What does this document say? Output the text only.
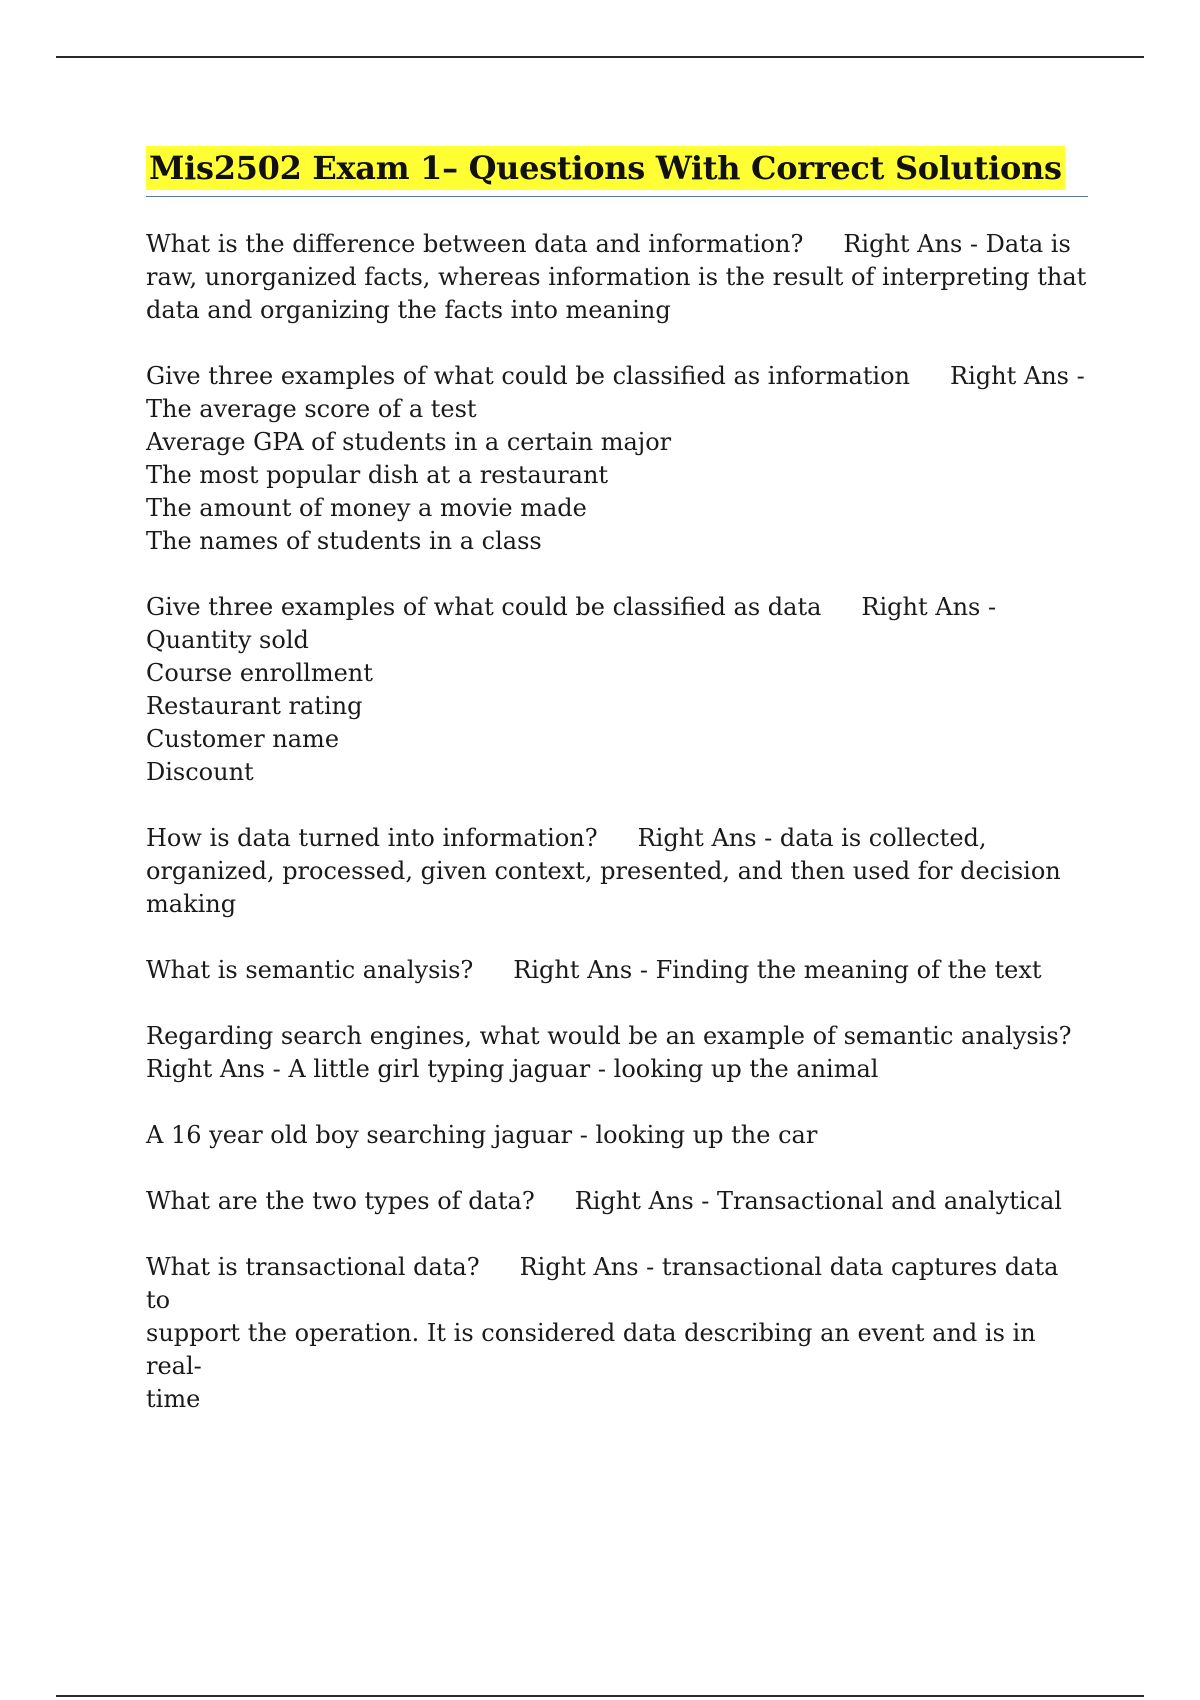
Mis2502 Exam 1– Questions With Correct Solutions
What is the difference between data and information? Right Ans - Data is
raw, unorganized facts, whereas information is the result of interpreting that
data and organizing the facts into meaning
Give three examples of what could be classified as information Right Ans -
The average score of a test
Average GPA of students in a certain major
The most popular dish at a restaurant
The amount of money a movie made
The names of students in a class
Give three examples of what could be classified as data Right Ans -
Quantity sold
Course enrollment
Restaurant rating
Customer name
Discount
How is data turned into information? Right Ans - data is collected,
organized, processed, given context, presented, and then used for decision
making
What is semantic analysis? Right Ans - Finding the meaning of the text
Regarding search engines, what would be an example of semantic analysis?
Right Ans - A little girl typing jaguar - looking up the animal
A 16 year old boy searching jaguar - looking up the car
What are the two types of data? Right Ans - Transactional and analytical
What is transactional data? Right Ans - transactional data captures data to
support the operation. It is considered data describing an event and is in real-
time
